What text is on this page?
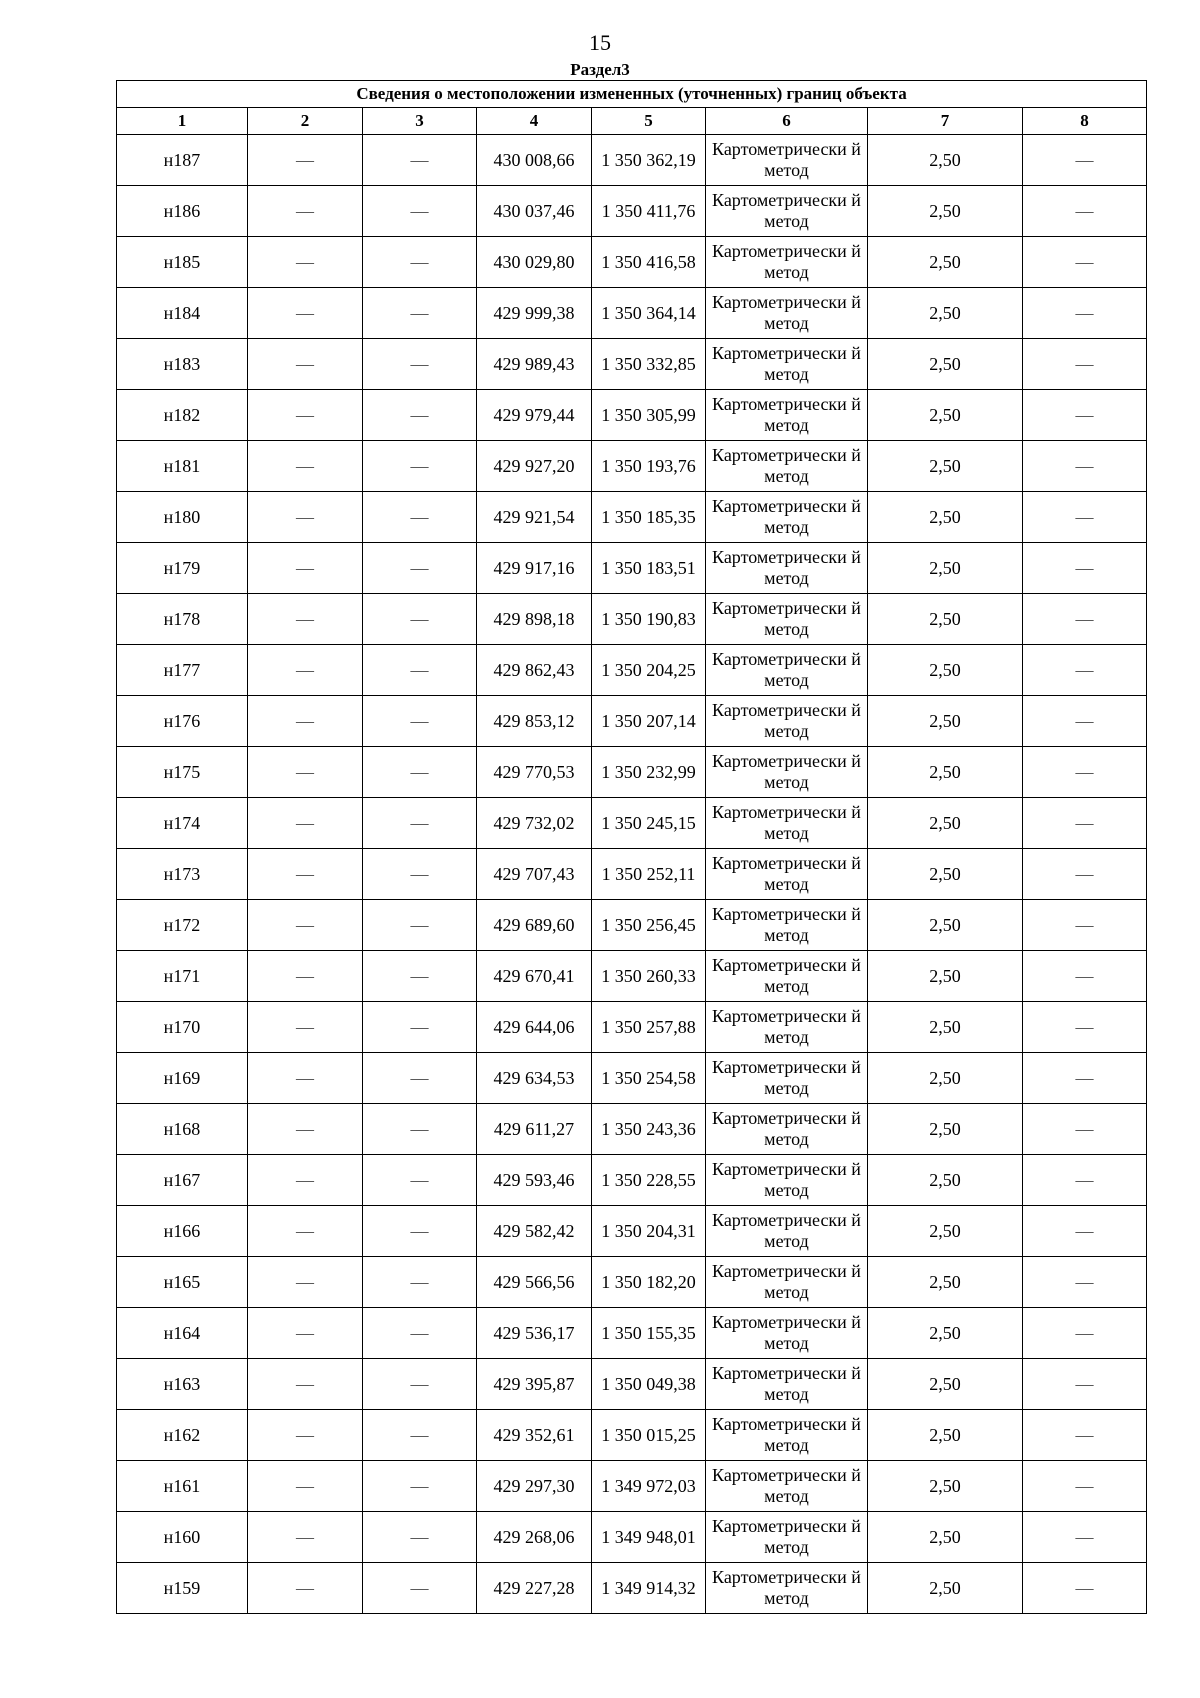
15
Раздел3
Сведения о местоположении измененных (уточненных) границ объекта							
1	2	3	4	5	6	7	8
н187	—	—	430 008,66	1 350 362,19	Картометрически й метод	2,50	—
н186	—	—	430 037,46	1 350 411,76	Картометрически й метод	2,50	—
н185	—	—	430 029,80	1 350 416,58	Картометрически й метод	2,50	—
н184	—	—	429 999,38	1 350 364,14	Картометрически й метод	2,50	—
н183	—	—	429 989,43	1 350 332,85	Картометрически й метод	2,50	—
н182	—	—	429 979,44	1 350 305,99	Картометрически й метод	2,50	—
н181	—	—	429 927,20	1 350 193,76	Картометрически й метод	2,50	—
н180	—	—	429 921,54	1 350 185,35	Картометрически й метод	2,50	—
н179	—	—	429 917,16	1 350 183,51	Картометрически й метод	2,50	—
н178	—	—	429 898,18	1 350 190,83	Картометрически й метод	2,50	—
н177	—	—	429 862,43	1 350 204,25	Картометрически й метод	2,50	—
н176	—	—	429 853,12	1 350 207,14	Картометрически й метод	2,50	—
н175	—	—	429 770,53	1 350 232,99	Картометрически й метод	2,50	—
н174	—	—	429 732,02	1 350 245,15	Картометрически й метод	2,50	—
н173	—	—	429 707,43	1 350 252,11	Картометрически й метод	2,50	—
н172	—	—	429 689,60	1 350 256,45	Картометрически й метод	2,50	—
н171	—	—	429 670,41	1 350 260,33	Картометрически й метод	2,50	—
н170	—	—	429 644,06	1 350 257,88	Картометрически й метод	2,50	—
н169	—	—	429 634,53	1 350 254,58	Картометрически й метод	2,50	—
н168	—	—	429 611,27	1 350 243,36	Картометрически й метод	2,50	—
н167	—	—	429 593,46	1 350 228,55	Картометрически й метод	2,50	—
н166	—	—	429 582,42	1 350 204,31	Картометрически й метод	2,50	—
н165	—	—	429 566,56	1 350 182,20	Картометрически й метод	2,50	—
н164	—	—	429 536,17	1 350 155,35	Картометрически й метод	2,50	—
н163	—	—	429 395,87	1 350 049,38	Картометрически й метод	2,50	—
н162	—	—	429 352,61	1 350 015,25	Картометрически й метод	2,50	—
н161	—	—	429 297,30	1 349 972,03	Картометрически й метод	2,50	—
н160	—	—	429 268,06	1 349 948,01	Картометрически й метод	2,50	—
н159	—	—	429 227,28	1 349 914,32	Картометрически й метод	2,50	—
